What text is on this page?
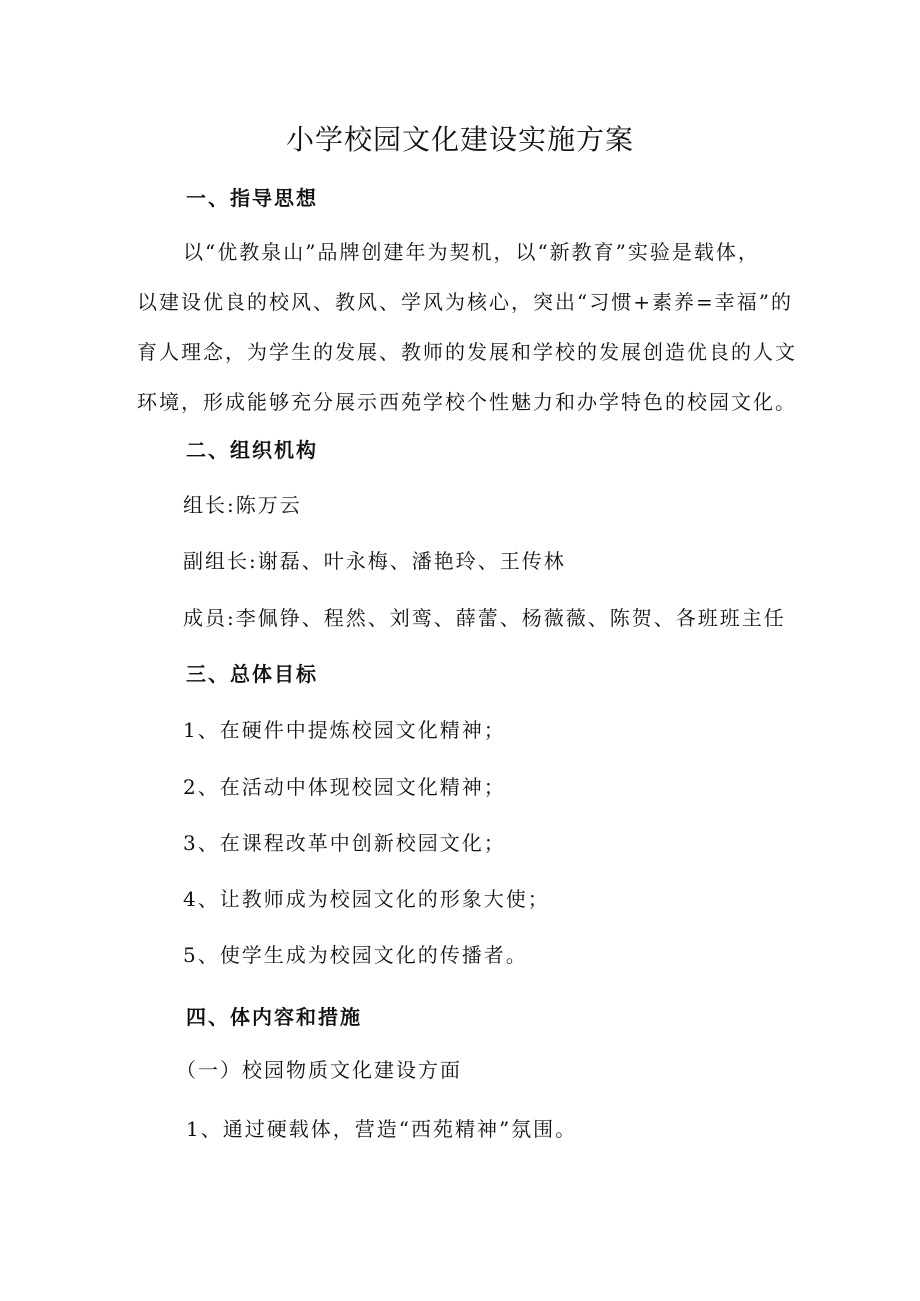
小学校园文化建设实施方案
一、指导思想
以“优教泉山”品牌创建年为契机，以“新教育”实验是载体，
以建设优良的校风、教风、学风为核心，突出“习惯+素养=幸福”的
育人理念，为学生的发展、教师的发展和学校的发展创造优良的人文
环境，形成能够充分展示西苑学校个性魅力和办学特色的校园文化。
二、组织机构
组长:陈万云
副组长:谢磊、叶永梅、潘艳玲、王传林
成员:李佩铮、程然、刘鸾、薛蕾、杨薇薇、陈贺、各班班主任
三、总体目标
1、在硬件中提炼校园文化精神；
2、在活动中体现校园文化精神；
3、在课程改革中创新校园文化；
4、让教师成为校园文化的形象大使；
5、使学生成为校园文化的传播者。
四、体内容和措施
（一）校园物质文化建设方面
1、通过硬载体，营造“西苑精神”氛围。
